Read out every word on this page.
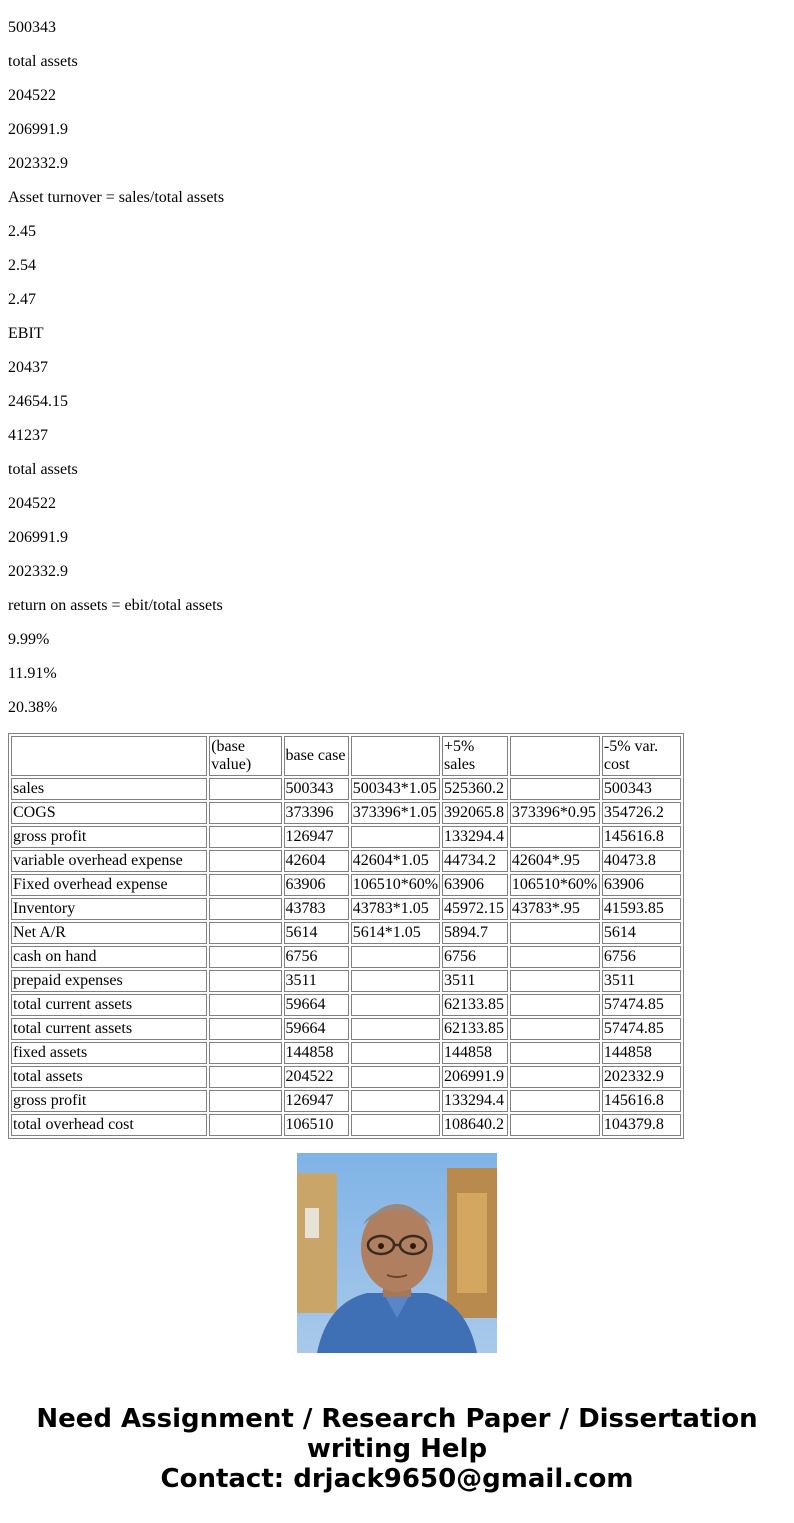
500343

total assets

204522

206991.9

202332.9

Asset turnover = sales/total assets

2.45

2.54

2.47

EBIT

20437

24654.15

41237

total assets

204522

206991.9

202332.9

return on assets = ebit/total assets

9.99%

11.91%

20.38%

	(base value)	base case		+5% sales		-5% var. cost
sales		500343	500343*1.05	525360.2		500343
COGS		373396	373396*1.05	392065.8	373396*0.95	354726.2
gross profit		126947		133294.4		145616.8
variable overhead expense		42604	42604*1.05	44734.2	42604*.95	40473.8
Fixed overhead expense		63906	106510*60%	63906	106510*60%	63906
Inventory		43783	43783*1.05	45972.15	43783*.95	41593.85
Net A/R		5614	5614*1.05	5894.7		5614
cash on hand		6756		6756		6756
prepaid expenses		3511		3511		3511
total current assets		59664		62133.85		57474.85
total current assets		59664		62133.85		57474.85
fixed assets		144858		144858		144858
total assets		204522		206991.9		202332.9
gross profit		126947		133294.4		145616.8
total overhead cost		106510		108640.2		104379.8
Need Assignment / Research Paper / Dissertation
writing Help
Contact: drjack9650@gmail.com
